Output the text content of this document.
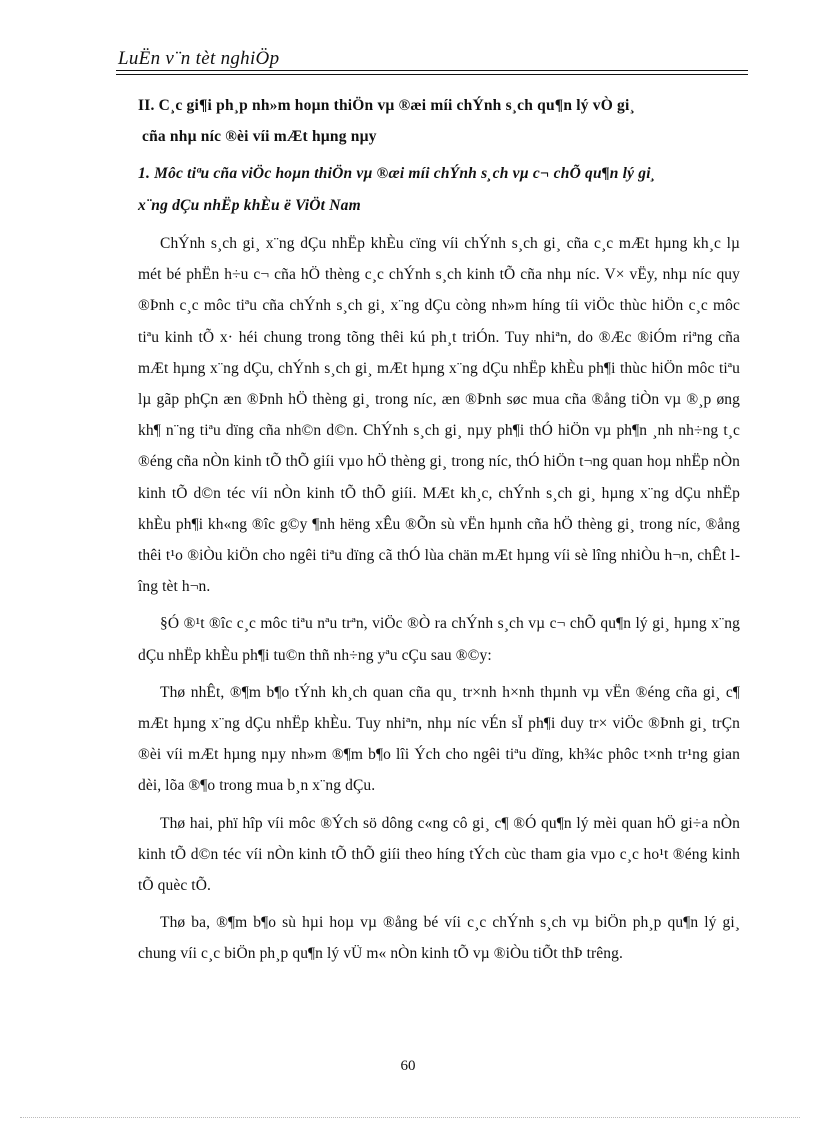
LuËn v¨n tèt nghiÖp
II. C¸c gi¶i ph¸p nh»m hoµn thiÖn vµ ®æi míi chÝnh s¸ch qu¶n lý vÒ gi¸
cña nhµ níc ®èi víi mÆt hµng nµy
1. Môc tiªu cña viÖc hoµn thiÖn vµ ®æi míi chÝnh s¸ch vµ c¬ chÕ qu¶n lý gi¸
x¨ng dÇu nhËp khÈu ë ViÖt Nam

ChÝnh s¸ch gi¸ x¨ng dÇu nhËp khÈu cïng víi chÝnh s¸ch gi¸ cña c¸c mÆt hµng kh¸c lµ mét bé phËn h÷u c¬ cña hÖ thèng c¸c chÝnh s¸ch kinh tÕ cña nhµ níc. V× vËy, nhµ níc quy ®Þnh c¸c môc tiªu cña chÝnh s¸ch gi¸ x¨ng dÇu còng nh»m híng tíi viÖc thùc hiÖn c¸c môc tiªu kinh tÕ x· héi chung trong tõng thêi kú ph¸t triÓn. Tuy nhiªn, do ®Æc ®iÓm riªng cña mÆt hµng x¨ng dÇu, chÝnh s¸ch gi¸ mÆt hµng x¨ng dÇu nhËp khÈu ph¶i thùc hiÖn môc tiªu lµ gãp phÇn æn ®Þnh hÖ thèng gi¸ trong níc, æn ®Þnh søc mua cña ®ång tiÒn vµ ®¸p øng kh¶ n¨ng tiªu dïng cña nh©n d©n. ChÝnh s¸ch gi¸ nµy ph¶i thÓ hiÖn vµ ph¶n ¸nh nh÷ng t¸c ®éng cña nÒn kinh tÕ thÕ giíi vµo hÖ thèng gi¸ trong níc, thÓ hiÖn t¬ng quan hoµ nhËp nÒn kinh tÕ d©n téc víi nÒn kinh tÕ thÕ giíi. MÆt kh¸c, chÝnh s¸ch gi¸ hµng x¨ng dÇu nhËp khÈu ph¶i kh«ng ®îc g©y ¶nh hëng xÊu ®Õn sù vËn hµnh cña hÖ thèng gi¸ trong níc, ®ång thêi t¹o ®iÒu kiÖn cho ngêi tiªu dïng cã thÓ lùa chän mÆt hµng víi sè lîng nhiÒu h¬n, chÊt lîng tèt h¬n.

§Ó ®¹t ®îc c¸c môc tiªu nªu trªn, viÖc ®Ò ra chÝnh s¸ch vµ c¬ chÕ qu¶n lý gi¸ hµng x¨ng dÇu nhËp khÈu ph¶i tu©n thñ nh÷ng yªu cÇu sau ®©y:

Thø nhÊt, ®¶m b¶o tÝnh kh¸ch quan cña qu¸ tr×nh h×nh thµnh vµ vËn ®éng cña gi¸ c¶ mÆt hµng x¨ng dÇu nhËp khÈu. Tuy nhiªn, nhµ níc vÉn sÏ ph¶i duy tr× viÖc ®Þnh gi¸ trÇn ®èi víi mÆt hµng nµy nh»m ®¶m b¶o lîi Ých cho ngêi tiªu dïng, kh¾c phôc t×nh tr¹ng gian dèi, lõa ®¶o trong mua b¸n x¨ng dÇu.

Thø hai, phï hîp víi môc ®Ých sö dông c«ng cô gi¸ c¶ ®Ó qu¶n lý mèi quan hÖ gi÷a nÒn kinh tÕ d©n téc víi nÒn kinh tÕ thÕ giíi theo híng tÝch cùc tham gia vµo c¸c ho¹t ®éng kinh tÕ quèc tÕ.

Thø ba, ®¶m b¶o sù hµi hoµ vµ ®ång bé víi c¸c chÝnh s¸ch vµ biÖn ph¸p qu¶n lý gi¸ chung víi c¸c biÖn ph¸p qu¶n lý vÜ m« nÒn kinh tÕ vµ ®iÒu tiÕt thÞ trêng.

60
